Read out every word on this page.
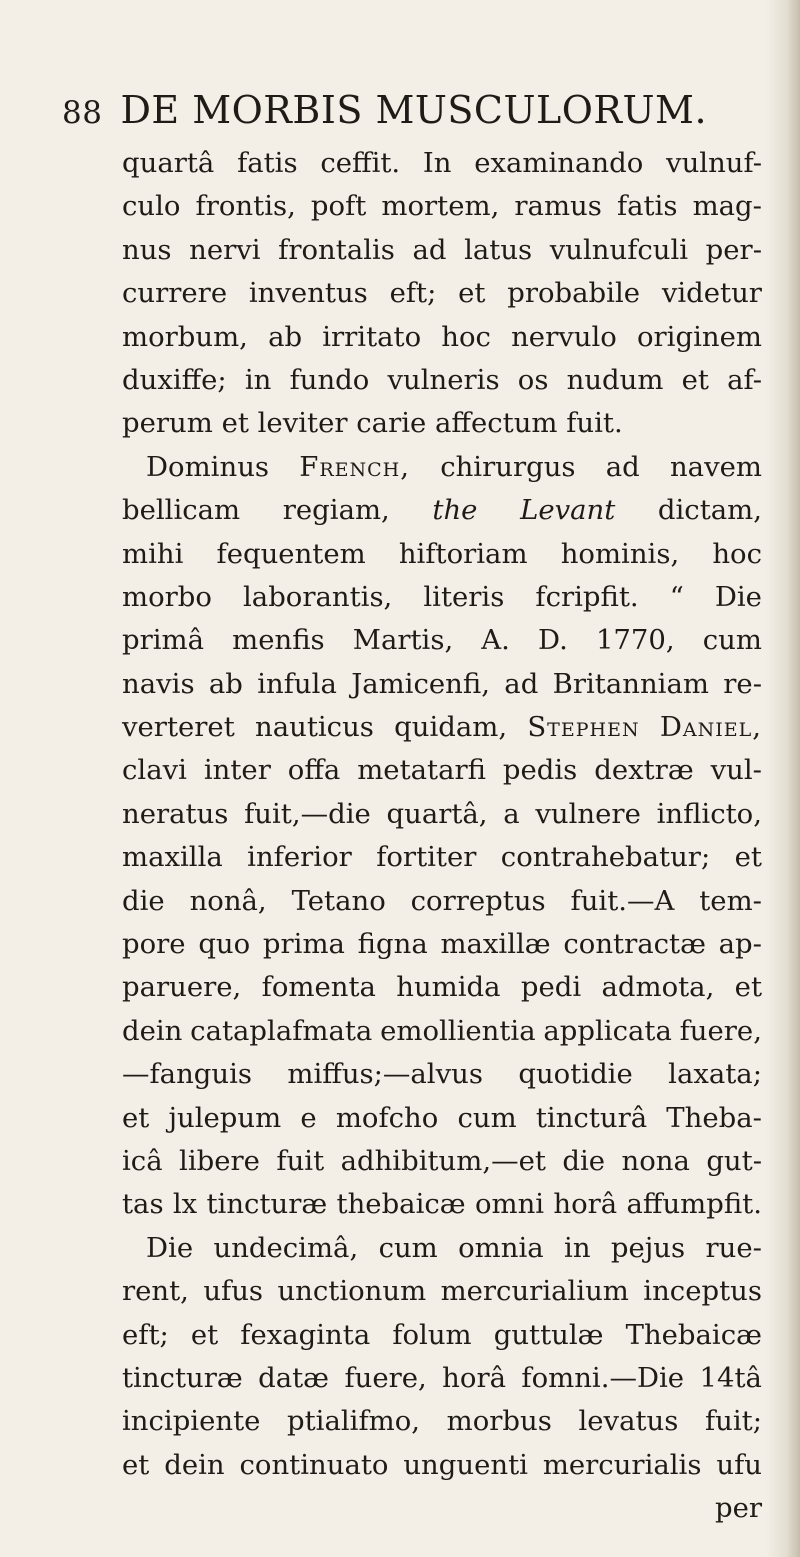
88 DE MORBIS MUSCULORUM.
quartâ fatis ceffit. In examinando vulnuf-
culo frontis, poft mortem, ramus fatis mag-
nus nervi frontalis ad latus vulnufculi per-
currere inventus eft; et probabile videtur
morbum, ab irritato hoc nervulo originem
duxiffe; in fundo vulneris os nudum et af-
perum
et
leviter
carie
affectum
fuit.
Dominus French, chirurgus ad navem
bellicam regiam, the Levant dictam,
mihi fequentem hiftoriam hominis, hoc
morbo laborantis, literis fcripfit. “ Die
primâ menfis Martis, A. D. 1770, cum
navis ab infula Jamicenfi, ad Britanniam re-
verteret nauticus quidam, Stephen Daniel,
clavi inter offa metatarfi pedis dextræ vul-
neratus fuit,—die quartâ, a vulnere inflicto,
maxilla inferior fortiter contrahebatur; et
die nonâ, Tetano correptus fuit.—A tem-
pore quo prima figna maxillæ contractæ ap-
paruere, fomenta humida pedi admota, et
dein cataplafmata emollientia applicata fuere,
—fanguis miffus;—alvus quotidie laxata;
et julepum e mofcho cum tincturâ Theba-
icâ libere fuit adhibitum,—et die nona gut-
tas lx tincturæ thebaicæ omni horâ affumpfit.
Die undecimâ, cum omnia in pejus rue-
rent, ufus unctionum mercurialium inceptus
eft; et fexaginta folum guttulæ Thebaicæ
tincturæ datæ fuere, horâ fomni.—Die 14tâ
incipiente ptialifmo, morbus levatus fuit;
et dein continuato unguenti mercurialis ufu
per
